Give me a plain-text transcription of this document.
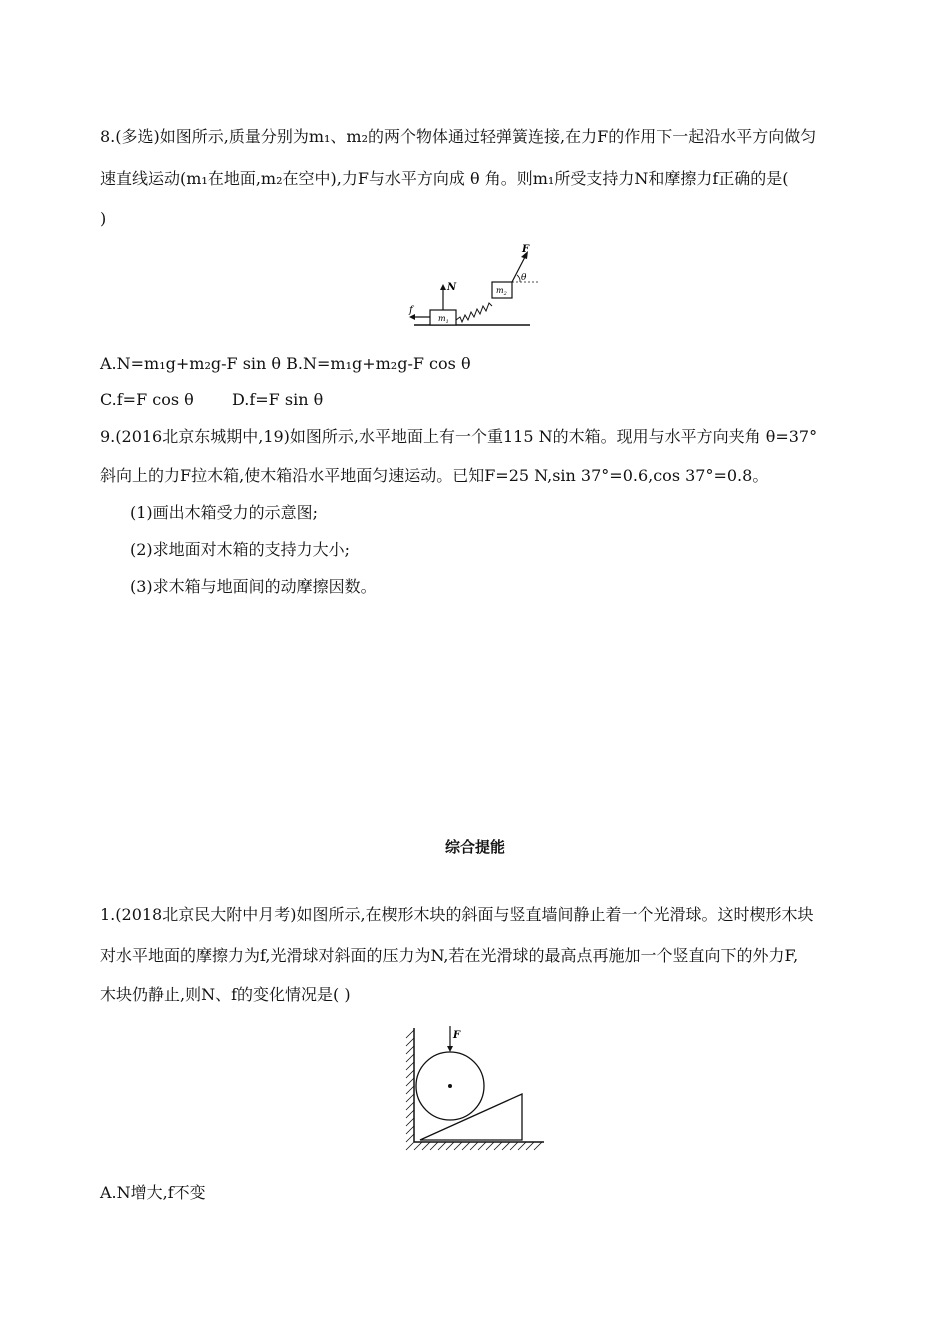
8.(多选)如图所示,质量分别为m₁、m₂的两个物体通过轻弹簧连接,在力F的作用下一起沿水平方向做匀
速直线运动(m₁在地面,m₂在空中),力F与水平方向成 θ 角。则m₁所受支持力N和摩擦力f正确的是(
)
f
$m_1$
N	$m_2$
F
θ
A.N=m₁g+m₂g-F sin θ B.N=m₁g+m₂g-F cos θ
C.f=F cos θ D.f=F sin θ
9.(2016北京东城期中,19)如图所示,水平地面上有一个重115 N的木箱。现用与水平方向夹角 θ=37°
斜向上的力F拉木箱,使木箱沿水平地面匀速运动。已知F=25 N,sin 37°=0.6,cos 37°=0.8。
(1)画出木箱受力的示意图;
(2)求地面对木箱的支持力大小;
(3)求木箱与地面间的动摩擦因数。
综合提能
1.(2018北京民大附中月考)如图所示,在楔形木块的斜面与竖直墙间静止着一个光滑球。这时楔形木块
对水平地面的摩擦力为f,光滑球对斜面的压力为N,若在光滑球的最高点再施加一个竖直向下的外力F,
木块仍静止,则N、f的变化情况是( )
F
A.N增大,f不变
